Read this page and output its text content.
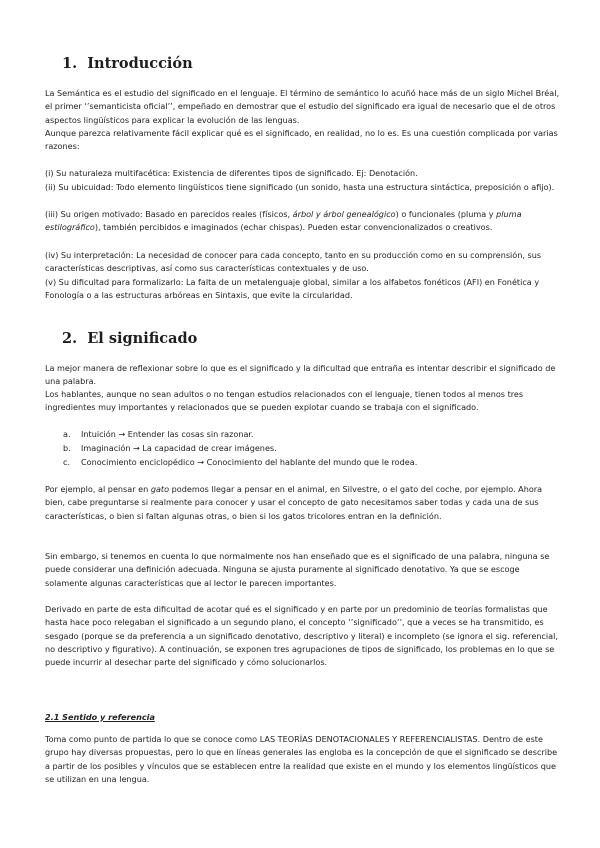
1. Introducción

La Semántica es el estudio del significado en el lenguaje. El término de semántico lo acuñó hace más de un siglo Michel Bréal, el primer ‘’semanticista oficial’’, empeñado en demostrar que el estudio del significado era igual de necesario que el de otros aspectos lingüísticos para explicar la evolución de las lenguas.

Aunque parezca relativamente fácil explicar qué es el significado, en realidad, no lo es. Es una cuestión complicada por varias razones:

(i) Su naturaleza multifacética: Existencia de diferentes tipos de significado. Ej: Denotación.

(ii) Su ubicuidad: Todo elemento lingüísticos tiene significado (un sonido, hasta una estructura sintáctica, preposición o afijo).

(iii) Su origen motivado: Basado en parecidos reales (físicos, árbol y árbol genealógico) o funcionales (pluma y pluma estilográfico), también percibidos e imaginados (echar chispas). Pueden estar convencionalizados o creativos.

(iv) Su interpretación: La necesidad de conocer para cada concepto, tanto en su producción como en su comprensión, sus características descriptivas, así como sus características contextuales y de uso.

(v) Su dificultad para formalizarlo: La falta de un metalenguaje global, similar a los alfabetos fonéticos (AFI) en Fonética y Fonología o a las estructuras arbóreas en Sintaxis, que evite la circularidad.

2. El significado

La mejor manera de reflexionar sobre lo que es el significado y la dificultad que entraña es intentar describir el significado de una palabra.

Los hablantes, aunque no sean adultos o no tengan estudios relacionados con el lenguaje, tienen todos al menos tres ingredientes muy importantes y relacionados que se pueden explotar cuando se trabaja con el significado.

a. Intuición → Entender las cosas sin razonar.

b. Imaginación → La capacidad de crear imágenes.

c. Conocimiento enciclopédico → Conocimiento del hablante del mundo que le rodea.

Por ejemplo, al pensar en gato podemos llegar a pensar en el animal, en Silvestre, o el gato del coche, por ejemplo. Ahora bien, cabe preguntarse si realmente para conocer y usar el concepto de gato necesitamos saber todas y cada una de sus características, o bien si faltan algunas otras, o bien si los gatos tricolores entran en la definición.

Sin embargo, si tenemos en cuenta lo que normalmente nos han enseñado que es el significado de una palabra, ninguna se puede considerar una definición adecuada. Ninguna se ajusta puramente al significado denotativo. Ya que se escoge solamente algunas características que al lector le parecen importantes.

Derivado en parte de esta dificultad de acotar qué es el significado y en parte por un predominio de teorías formalistas que hasta hace poco relegaban el significado a un segundo plano, el concepto ‘’significado’’, que a veces se ha transmitido, es sesgado (porque se da preferencia a un significado denotativo, descriptivo y literal) e incompleto (se ignora el sig. referencial, no descriptivo y figurativo). A continuación, se exponen tres agrupaciones de tipos de significado, los problemas en lo que se puede incurrir al desechar parte del significado y cómo solucionarlos.

2.1 Sentido y referencia

Toma como punto de partida lo que se conoce como LAS TEORÍAS DENOTACIONALES Y REFERENCIALISTAS. Dentro de este grupo hay diversas propuestas, pero lo que en líneas generales las engloba es la concepción de que el significado se describe a partir de los posibles y vínculos que se establecen entre la realidad que existe en el mundo y los elementos lingüísticos que se utilizan en una lengua.
